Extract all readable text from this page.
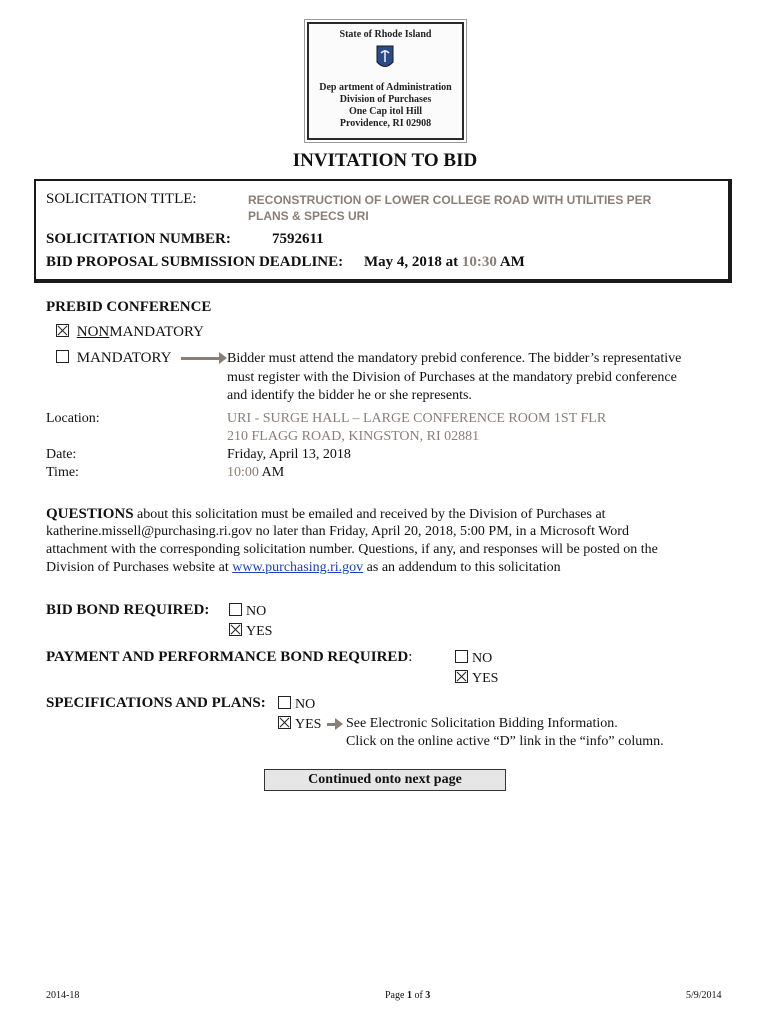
State of Rhode Island
Dep artment of Administration
Division of Purchases
One Cap itol Hill
Providence, RI 02908
INVITATION TO BID
SOLICITATION TITLE:	RECONSTRUCTION OF LOWER COLLEGE ROAD WITH UTILITIES PER
PLANS & SPECS URI
SOLICITATION NUMBER:	7592611
BID PROPOSAL SUBMISSION DEADLINE: May 4, 2018 at 10:30 AM
PREBID CONFERENCE
NONMANDATORY
MANDATORY	Bidder must attend the mandatory prebid conference. The bidder’s representative
must register with the Division of Purchases at the mandatory prebid conference
and identify the bidder he or she represents.
Location:	URI - SURGE HALL – LARGE CONFERENCE ROOM 1ST FLR
210 FLAGG ROAD, KINGSTON, RI 02881
Date:	Friday, April 13, 2018
Time:	10:00 AM
QUESTIONS about this solicitation must be emailed and received by the Division of Purchases at
katherine.missell@purchasing.ri.gov no later than Friday, April 20, 2018, 5:00 PM, in a Microsoft Word
attachment with the corresponding solicitation number. Questions, if any, and responses will be posted on the
Division of Purchases website at www.purchasing.ri.gov as an addendum to this solicitation
BID BOND REQUIRED:	NO
YES
PAYMENT AND PERFORMANCE BOND REQUIRED:	NO
YES
SPECIFICATIONS AND PLANS:	NO
YES See Electronic Solicitation Bidding Information.
Click on the online active “D” link in the “info” column.
Continued onto next page
2014-18	Page 1 of 3	5/9/2014
